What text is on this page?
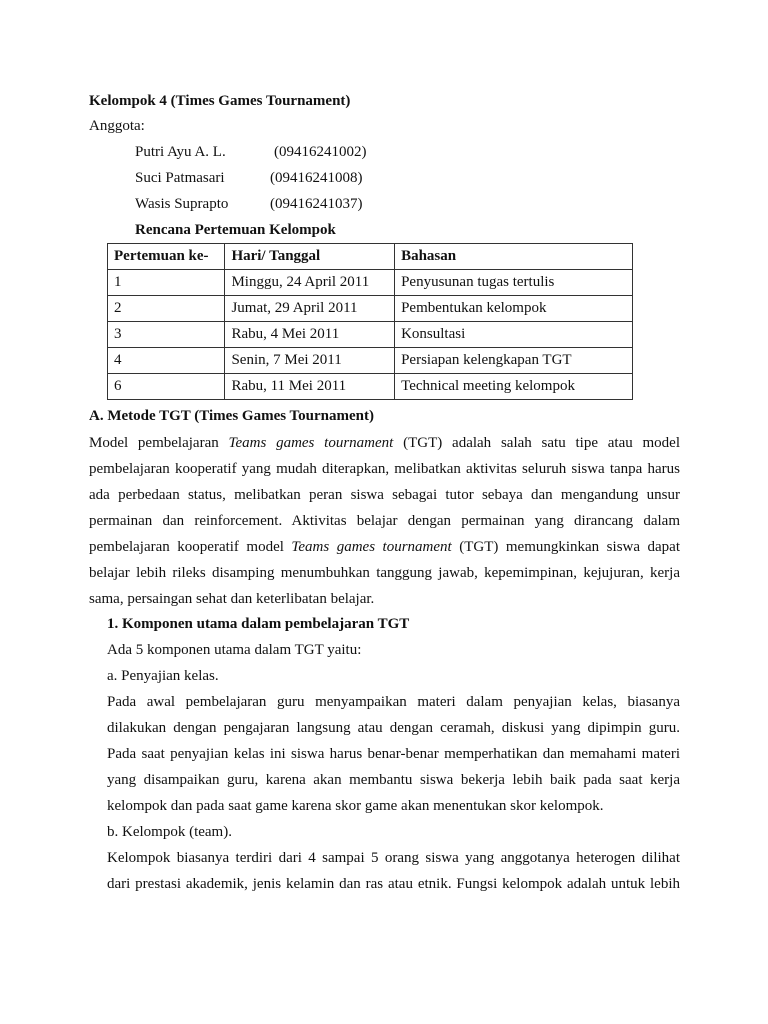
Kelompok 4 (Times Games Tournament)
Anggota:
Putri Ayu A. L.	(09416241002)
Suci Patmasari	(09416241008)
Wasis Suprapto	(09416241037)
Rencana Pertemuan Kelompok
Pertemuan ke-	Hari/ Tanggal	Bahasan
1	Minggu, 24 April 2011	Penyusunan tugas tertulis
2	Jumat, 29 April 2011	Pembentukan kelompok
3	Rabu, 4 Mei 2011	Konsultasi
4	Senin, 7 Mei 2011	Persiapan kelengkapan TGT
6	Rabu, 11 Mei 2011	Technical meeting kelompok
A. Metode TGT (Times Games Tournament)
Model pembelajaran Teams games tournament (TGT) adalah salah satu tipe atau model
pembelajaran kooperatif yang mudah diterapkan, melibatkan aktivitas seluruh siswa tanpa harus
ada perbedaan status, melibatkan peran siswa sebagai tutor sebaya dan mengandung unsur
permainan dan reinforcement. Aktivitas belajar dengan permainan yang dirancang dalam
pembelajaran kooperatif model Teams games tournament (TGT) memungkinkan siswa dapat
belajar lebih rileks disamping menumbuhkan tanggung jawab, kepemimpinan, kejujuran, kerja
sama, persaingan sehat dan keterlibatan belajar.
1. Komponen utama dalam pembelajaran TGT
Ada 5 komponen utama dalam TGT yaitu:
a. Penyajian kelas.
Pada awal pembelajaran guru menyampaikan materi dalam penyajian kelas, biasanya
dilakukan dengan pengajaran langsung atau dengan ceramah, diskusi yang dipimpin guru.
Pada saat penyajian kelas ini siswa harus benar-benar memperhatikan dan memahami materi
yang disampaikan guru, karena akan membantu siswa bekerja lebih baik pada saat kerja
kelompok dan pada saat game karena skor game akan menentukan skor kelompok.
b. Kelompok (team).
Kelompok biasanya terdiri dari 4 sampai 5 orang siswa yang anggotanya heterogen dilihat
dari prestasi akademik, jenis kelamin dan ras atau etnik. Fungsi kelompok adalah untuk lebih
